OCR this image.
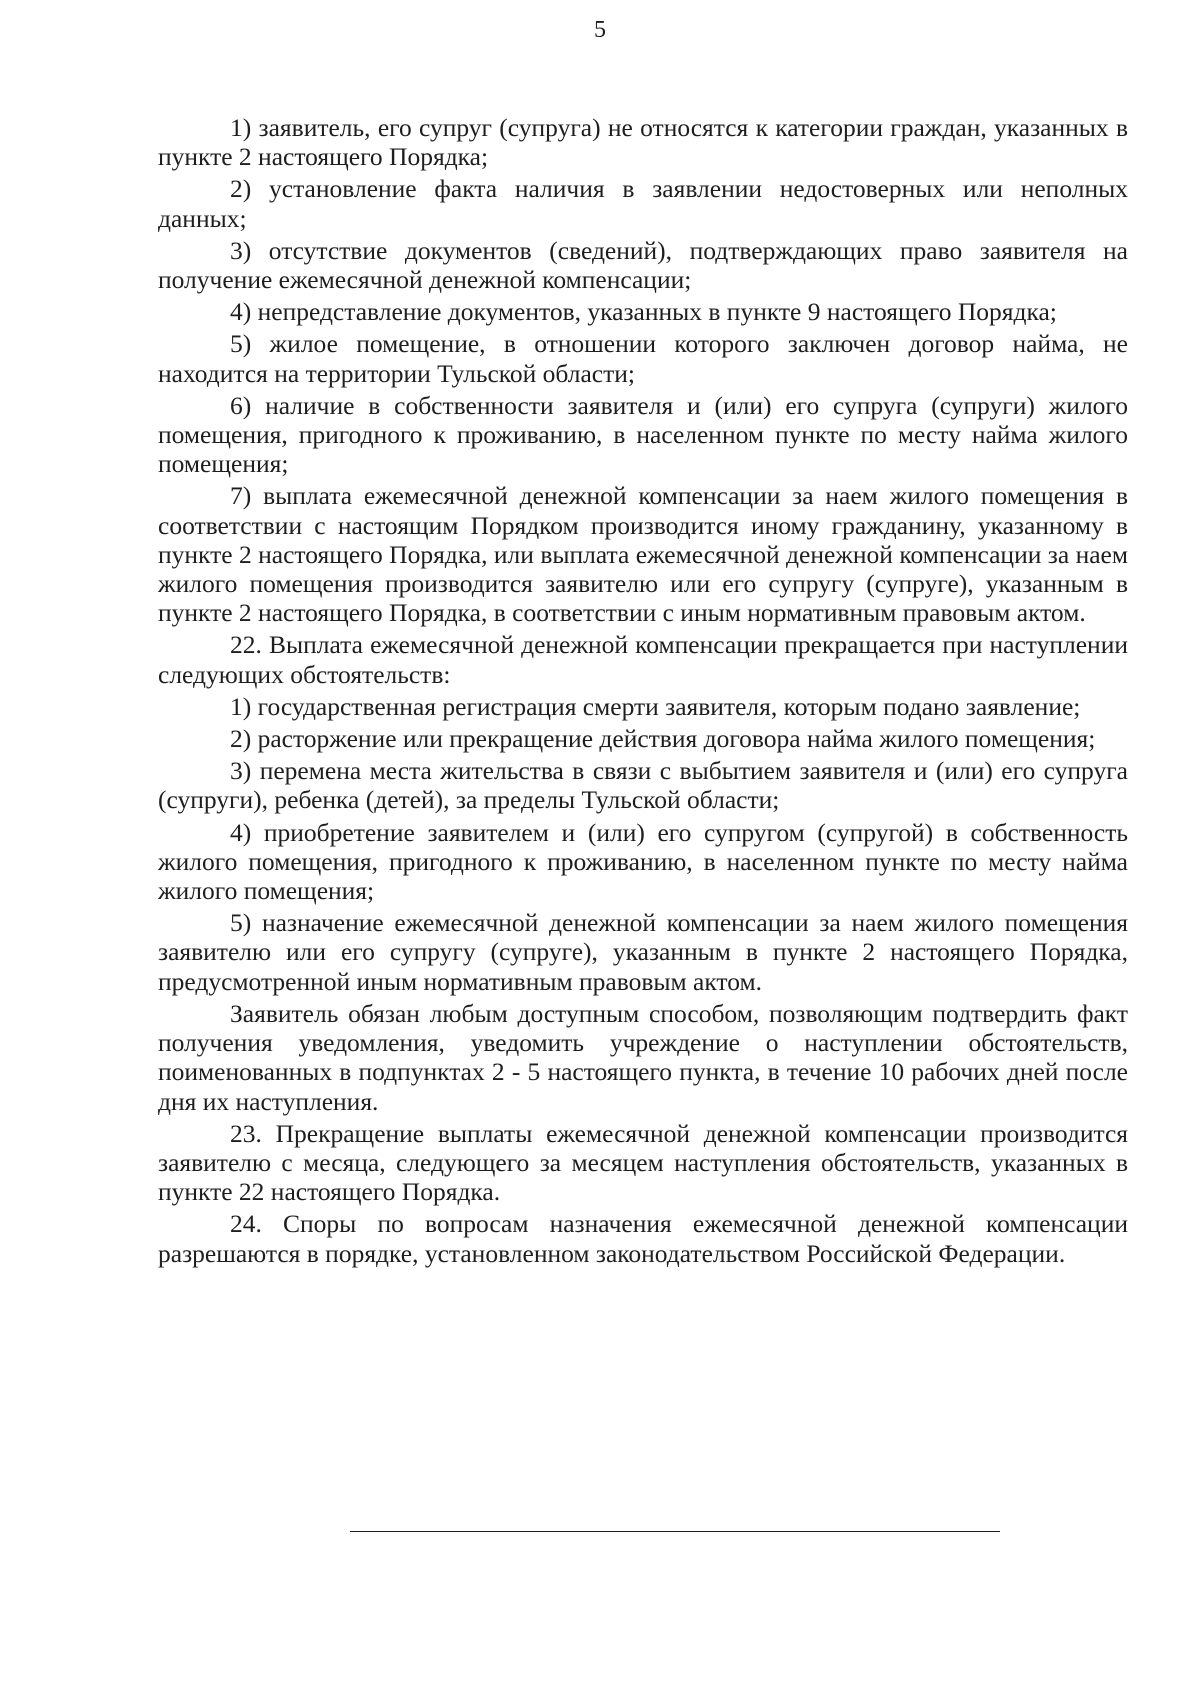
5

1) заявитель, его супруг (супруга) не относятся к категории граждан, указанных в пункте 2 настоящего Порядка;

2) установление факта наличия в заявлении недостоверных или неполных данных;

3) отсутствие документов (сведений), подтверждающих право заявителя на получение ежемесячной денежной компенсации;

4) непредставление документов, указанных в пункте 9 настоящего Порядка;

5) жилое помещение, в отношении которого заключен договор найма, не находится на территории Тульской области;

6) наличие в собственности заявителя и (или) его супруга (супруги) жилого помещения, пригодного к проживанию, в населенном пункте по месту найма жилого помещения;

7) выплата ежемесячной денежной компенсации за наем жилого помещения в соответствии с настоящим Порядком производится иному гражданину, указанному в пункте 2 настоящего Порядка, или выплата ежемесячной денежной компенсации за наем жилого помещения производится заявителю или его супругу (супруге), указанным в пункте 2 настоящего Порядка, в соответствии с иным нормативным правовым актом.

22. Выплата ежемесячной денежной компенсации прекращается при наступлении следующих обстоятельств:

1) государственная регистрация смерти заявителя, которым подано заявление;

2) расторжение или прекращение действия договора найма жилого помещения;

3) перемена места жительства в связи с выбытием заявителя и (или) его супруга (супруги), ребенка (детей), за пределы Тульской области;

4) приобретение заявителем и (или) его супругом (супругой) в собственность жилого помещения, пригодного к проживанию, в населенном пункте по месту найма жилого помещения;

5) назначение ежемесячной денежной компенсации за наем жилого помещения заявителю или его супругу (супруге), указанным в пункте 2 настоящего Порядка, предусмотренной иным нормативным правовым актом.

Заявитель обязан любым доступным способом, позволяющим подтвердить факт получения уведомления, уведомить учреждение о наступлении обстоятельств, поименованных в подпунктах 2 - 5 настоящего пункта, в течение 10 рабочих дней после дня их наступления.

23. Прекращение выплаты ежемесячной денежной компенсации производится заявителю с месяца, следующего за месяцем наступления обстоятельств, указанных в пункте 22 настоящего Порядка.

24. Споры по вопросам назначения ежемесячной денежной компенсации разрешаются в порядке, установленном законодательством Российской Федерации.
